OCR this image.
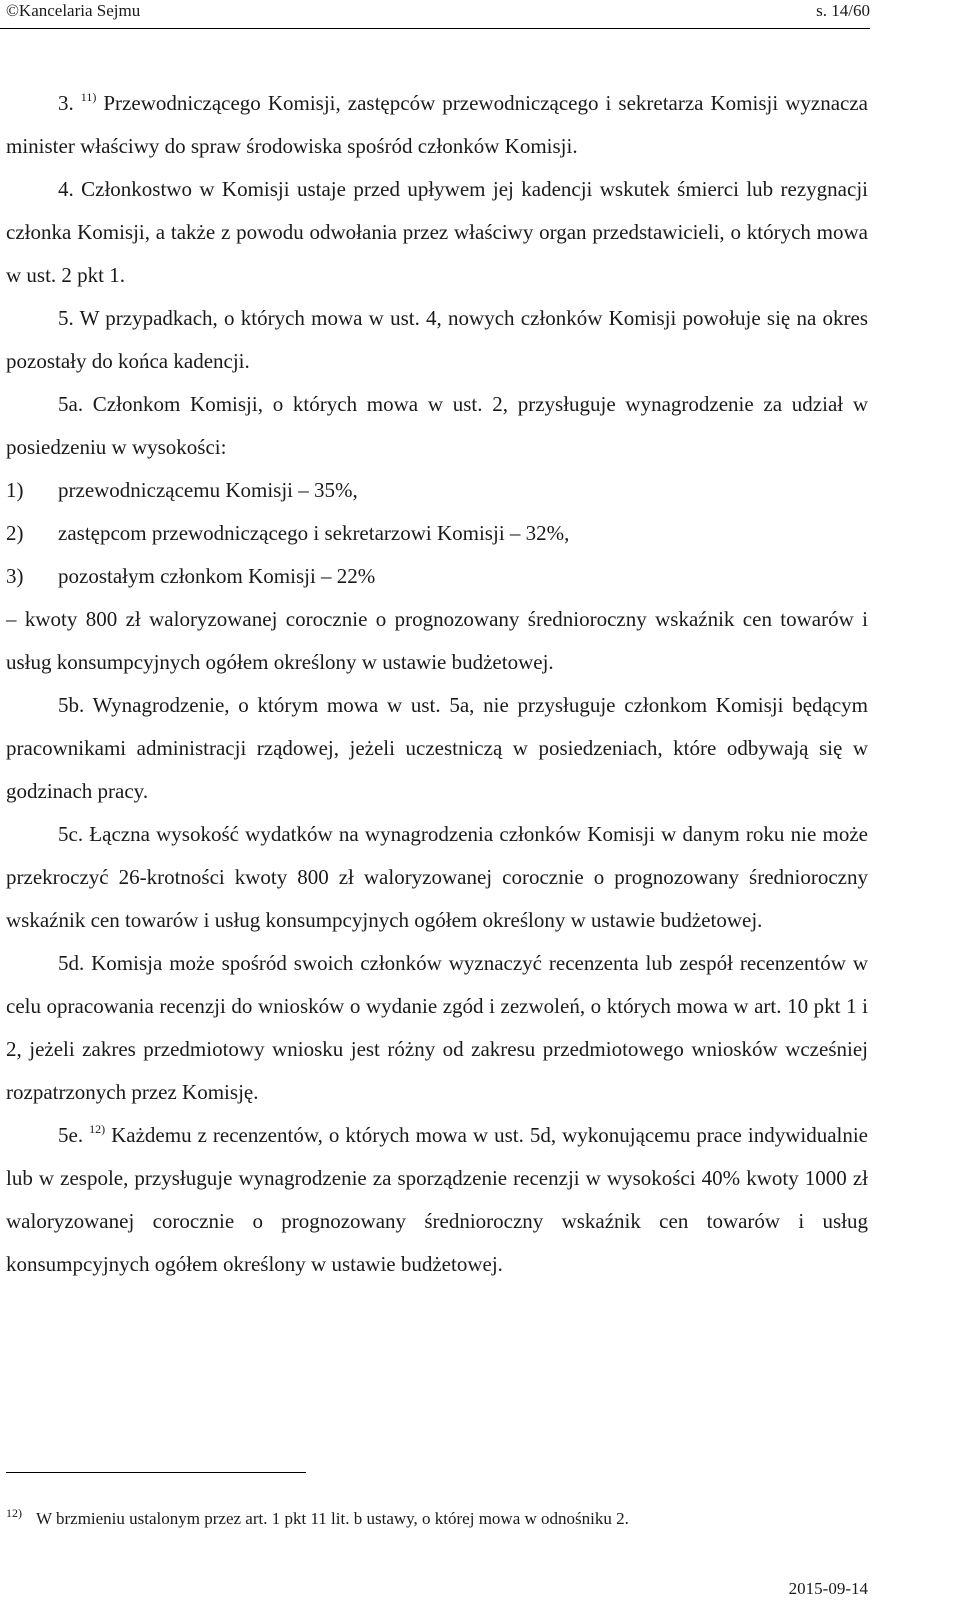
©Kancelaria Sejmu	s. 14/60

3. $^{11)}$ Przewodniczącego Komisji, zastępców przewodniczącego i sekretarza Komisji wyznacza minister właściwy do spraw środowiska spośród członków Komisji.

4. Członkostwo w Komisji ustaje przed upływem jej kadencji wskutek śmierci lub rezygnacji członka Komisji, a także z powodu odwołania przez właściwy organ przedstawicieli, o których mowa w ust. 2 pkt 1.

5. W przypadkach, o których mowa w ust. 4, nowych członków Komisji powołuje się na okres pozostały do końca kadencji.

5a. Członkom Komisji, o których mowa w ust. 2, przysługuje wynagrodzenie za udział w posiedzeniu w wysokości:

1)	przewodniczącemu Komisji – 35%,
2)	zastępcom przewodniczącego i sekretarzowi Komisji – 32%,
3)	pozostałym członkom Komisji – 22%

– kwoty 800 zł waloryzowanej corocznie o prognozowany średnioroczny wskaźnik cen towarów i usług konsumpcyjnych ogółem określony w ustawie budżetowej.

5b. Wynagrodzenie, o którym mowa w ust. 5a, nie przysługuje członkom Komisji będącym pracownikami administracji rządowej, jeżeli uczestniczą w posiedzeniach, które odbywają się w godzinach pracy.

5c. Łączna wysokość wydatków na wynagrodzenia członków Komisji w danym roku nie może przekroczyć 26-krotności kwoty 800 zł waloryzowanej corocznie o prognozowany średnioroczny wskaźnik cen towarów i usług konsumpcyjnych ogółem określony w ustawie budżetowej.

5d. Komisja może spośród swoich członków wyznaczyć recenzenta lub zespół recenzentów w celu opracowania recenzji do wniosków o wydanie zgód i zezwoleń, o których mowa w art. 10 pkt 1 i 2, jeżeli zakres przedmiotowy wniosku jest różny od zakresu przedmiotowego wniosków wcześniej rozpatrzonych przez Komisję.

5e. $^{12)}$ Każdemu z recenzentów, o których mowa w ust. 5d, wykonującemu prace indywidualnie lub w zespole, przysługuje wynagrodzenie za sporządzenie recenzji w wysokości 40% kwoty 1000 zł waloryzowanej corocznie o prognozowany średnioroczny wskaźnik cen towarów i usług konsumpcyjnych ogółem określony w ustawie budżetowej.

$^{12)}$ W brzmieniu ustalonym przez art. 1 pkt 11 lit. b ustawy, o której mowa w odnośniku 2.
2015-09-14
